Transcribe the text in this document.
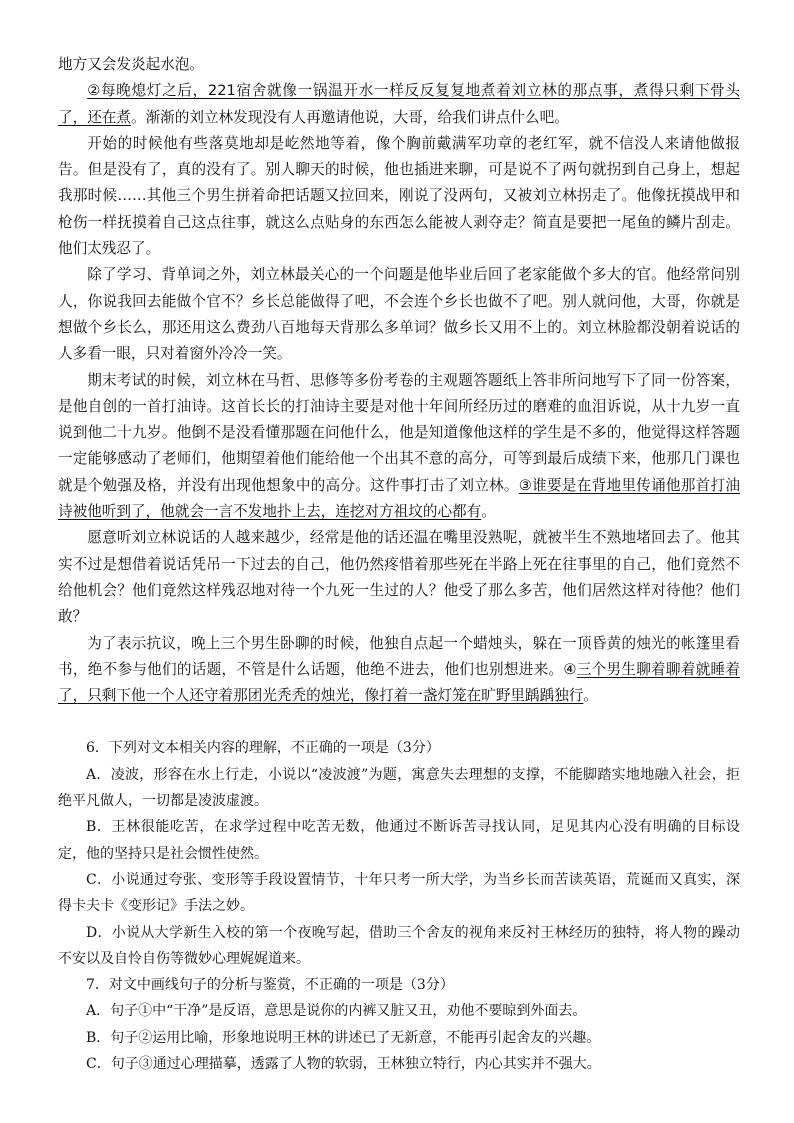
地方又会发炎起水泡。

②每晚熄灯之后，221宿舍就像一锅温开水一样反反复复地煮着刘立林的那点事，煮得只剩下骨头了，还在煮。渐渐的刘立林发现没有人再邀请他说，大哥，给我们讲点什么吧。

开始的时候他有些落莫地却是屹然地等着，像个胸前戴满军功章的老红军，就不信没人来请他做报告。但是没有了，真的没有了。别人聊天的时候，他也插进来聊，可是说不了两句就拐到自己身上，想起我那时候……其他三个男生拼着命把话题又拉回来，刚说了没两句，又被刘立林拐走了。他像抚摸战甲和枪伤一样抚摸着自己这点往事，就这么点贴身的东西怎么能被人剥夺走？简直是要把一尾鱼的鳞片刮走。他们太残忍了。

除了学习、背单词之外，刘立林最关心的一个问题是他毕业后回了老家能做个多大的官。他经常问别人，你说我回去能做个官不？乡长总能做得了吧，不会连个乡长也做不了吧。别人就问他，大哥，你就是想做个乡长么，那还用这么费劲八百地每天背那么多单词？做乡长又用不上的。刘立林脸都没朝着说话的人多看一眼，只对着窗外冷冷一笑。

期末考试的时候，刘立林在马哲、思修等多份考卷的主观题答题纸上答非所问地写下了同一份答案，是他自创的一首打油诗。这首长长的打油诗主要是对他十年间所经历过的磨难的血泪诉说，从十九岁一直说到他二十九岁。他倒不是没看懂那题在问他什么，他是知道像他这样的学生是不多的，他觉得这样答题一定能够感动了老师们，他期望着他们能给他一个出其不意的高分，可等到最后成绩下来，他那几门课也就是个勉强及格，并没有出现他想象中的高分。这件事打击了刘立林。③谁要是在背地里传诵他那首打油诗被他听到了，他就会一言不发地扑上去，连挖对方祖坟的心都有。

愿意听刘立林说话的人越来越少，经常是他的话还温在嘴里没熟呢，就被半生不熟地堵回去了。他其实不过是想借着说话凭吊一下过去的自己，他仍然疼惜着那些死在半路上死在往事里的自己，他们竟然不给他机会？他们竟然这样残忍地对待一个九死一生过的人？他受了那么多苦，他们居然这样对待他？他们敢？

为了表示抗议，晚上三个男生卧聊的时候，他独自点起一个蜡烛头，躲在一顶昏黄的烛光的帐篷里看书，绝不参与他们的话题，不管是什么话题，他绝不进去，他们也别想进来。④三个男生聊着聊着就睡着了，只剩下他一个人还守着那团光秃秃的烛光，像打着一盏灯笼在旷野里踽踽独行。

6．下列对文本相关内容的理解，不正确的一项是（3分）

A．凌波，形容在水上行走，小说以“凌波渡”为题，寓意失去理想的支撑，不能脚踏实地地融入社会，拒绝平凡做人，一切都是凌波虚渡。

B．王林很能吃苦，在求学过程中吃苦无数，他通过不断诉苦寻找认同，足见其内心没有明确的目标设定，他的坚持只是社会惯性使然。

C．小说通过夸张、变形等手段设置情节，十年只考一所大学，为当乡长而苦读英语，荒诞而又真实，深得卡夫卡《变形记》手法之妙。

D．小说从大学新生入校的第一个夜晚写起，借助三个舍友的视角来反衬王林经历的独特，将人物的躁动不安以及自怜自伤等微妙心理娓娓道来。

7．对文中画线句子的分析与鉴赏，不正确的一项是（3分）

A．句子①中“干净”是反语，意思是说你的内裤又脏又丑，劝他不要晾到外面去。

B．句子②运用比喻，形象地说明王林的讲述已了无新意，不能再引起舍友的兴趣。

C．句子③通过心理描摹，透露了人物的软弱，王林独立特行，内心其实并不强大。
